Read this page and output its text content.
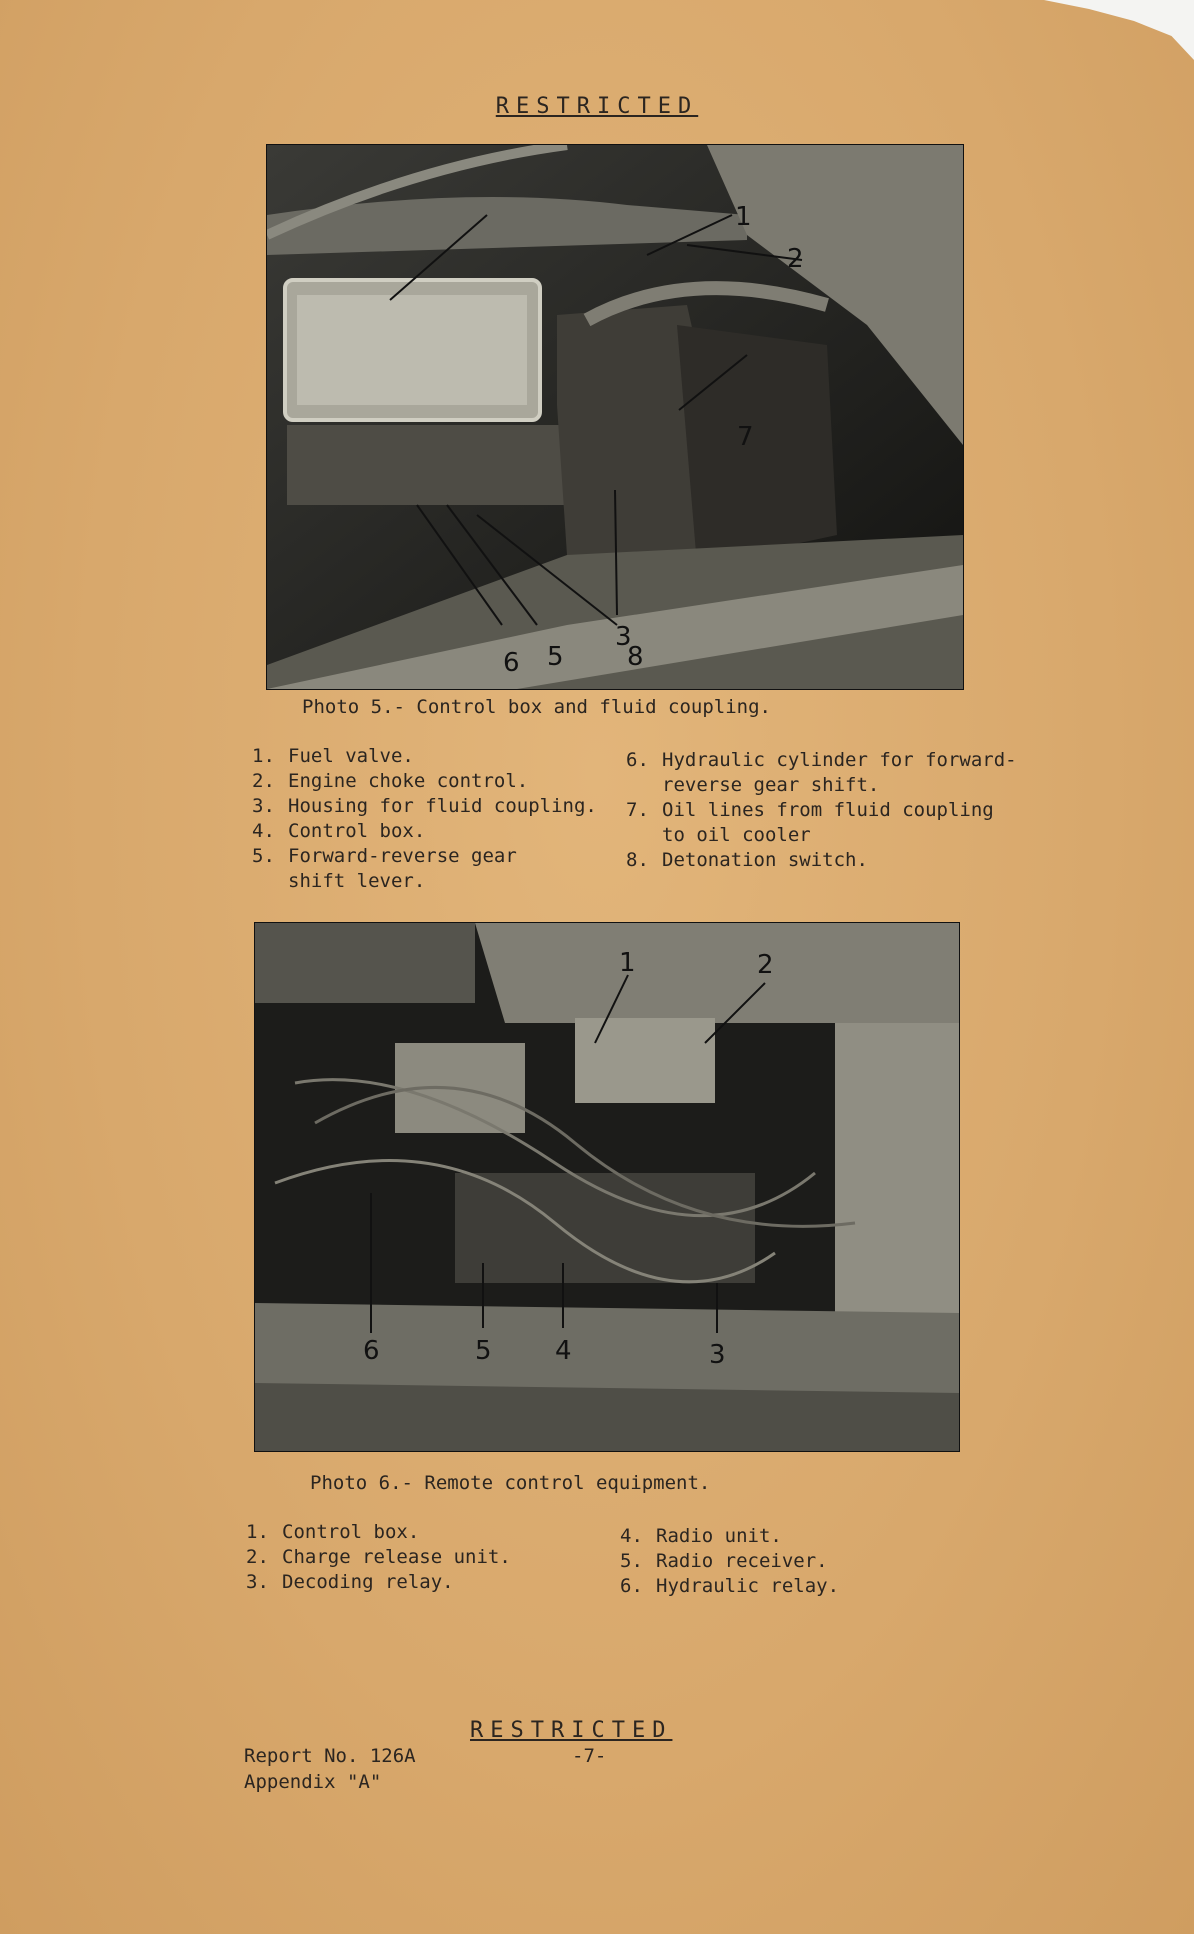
RESTRICTED
1
2
3
5
6
7
8
Photo 5.- Control box and fluid coupling.
1. Fuel valve.
2. Engine choke control.
3. Housing for fluid coupling.
4. Control box.
5. Forward-reverse gear
shift lever.
6. Hydraulic cylinder for forward-
reverse gear shift.
7. Oil lines from fluid coupling
to oil cooler
8. Detonation switch.
1	2
3
4
5
6
Photo 6.- Remote control equipment.
1. Control box.
2. Charge release unit.
3. Decoding relay.
4. Radio unit.
5. Radio receiver.
6. Hydraulic relay.
RESTRICTED
Report No. 126A	-7-
Appendix "A"
